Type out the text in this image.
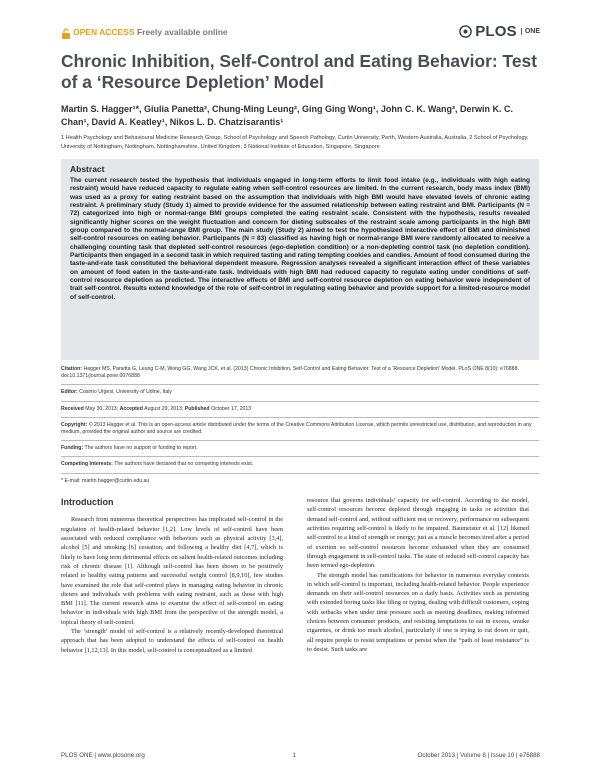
OPEN ACCESS Freely available online	PLOS	ONE
Chronic Inhibition, Self-Control and Eating Behavior: Test of a ‘Resource Depletion’ Model
Martin S. Hagger¹*, Giulia Panetta², Chung-Ming Leung², Ging Ging Wong¹, John C. K. Wang³, Derwin K. C. Chan¹, David A. Keatley¹, Nikos L. D. Chatzisarantis¹
1 Health Psychology and Behavioural Medicine Research Group, School of Psychology and Speech Pathology, Curtin University, Perth, Western Australia, Australia, 2 School of Psychology, University of Nottingham, Nottingham, Nottinghamshire, United Kingdom, 3 National Institute of Education, Singapore, Singapore
Abstract
The current research tested the hypothesis that individuals engaged in long-term efforts to limit food intake (e.g., individuals with high eating restraint) would have reduced capacity to regulate eating when self-control resources are limited. In the current research, body mass index (BMI) was used as a proxy for eating restraint based on the assumption that individuals with high BMI would have elevated levels of chronic eating restraint. A preliminary study (Study 1) aimed to provide evidence for the assumed relationship between eating restraint and BMI. Participants (N = 72) categorized into high or normal-range BMI groups completed the eating restraint scale. Consistent with the hypothesis, results revealed significantly higher scores on the weight fluctuation and concern for dieting subscales of the restraint scale among participants in the high BMI group compared to the normal-range BMI group. The main study (Study 2) aimed to test the hypothesized interactive effect of BMI and diminished self-control resources on eating behavior. Participants (N = 83) classified as having high or normal-range BMI were randomly allocated to receive a challenging counting task that depleted self-control resources (ego-depletion condition) or a non-depleting control task (no depletion condition). Participants then engaged in a second task in which required tasting and rating tempting cookies and candies. Amount of food consumed during the taste-and-rate task constituted the behavioral dependent measure. Regression analyses revealed a significant interaction effect of these variables on amount of food eaten in the taste-and-rate task. Individuals with high BMI had reduced capacity to regulate eating under conditions of self-control resource depletion as predicted. The interactive effects of BMI and self-control resource depletion on eating behavior were independent of trait self-control. Results extend knowledge of the role of self-control in regulating eating behavior and provide support for a limited-resource model of self-control.
Citation: Hagger MS, Panetta G, Leung C-M, Wong GG, Wang JCK, et al. (2013) Chronic Inhibition, Self-Control and Eating Behavior: Test of a ‘Resource Depletion’ Model. PLoS ONE 8(10): e76888. doi:10.1371/journal.pone.0076888
Editor: Cosimo Urgesi, University of Udine, Italy
Received May 30, 2013; Accepted August 29, 2013; Published October 17, 2013
Copyright: © 2013 Hagger et al. This is an open-access article distributed under the terms of the Creative Commons Attribution License, which permits unrestricted use, distribution, and reproduction in any medium, provided the original author and source are credited.
Funding: The authors have no support or funding to report.
Competing Interests: The authors have declared that no competing interests exist.
* E-mail: martin.hagger@curtin.edu.au
Introduction

Research from numerous theoretical perspectives has implicated self-control in the regulation of health-related behavior [1,2]. Low levels of self-control have been associated with reduced compliance with behaviors such as physical activity [3,4], alcohol [5] and smoking [6] cessation, and following a healthy diet [4,7], which is likely to have long term detrimental effects on salient health-related outcomes including risk of chronic disease [1]. Although self-control has been shown to be positively related to healthy eating patterns and successful weight control [8,9,10], few studies have examined the role that self-control plays in managing eating behavior in chronic dieters and individuals with problems with eating restraint, such as those with high BMI [11]. The current research aims to examine the effect of self-control on eating behavior in individuals with high BMI from the perspective of the strength model, a topical theory of self-control.

The ‘strength’ model of self-control is a relatively recently-developed theoretical approach that has been adopted to understand the effects of self-control on health behavior [1,12,13]. In this model, self-control is conceptualized as a limited

resource that governs individuals’ capacity for self-control. According to the model, self-control resources become depleted through engaging in tasks or activities that demand self-control and, without sufficient rest or recovery, performance on subsequent activities requiring self-control is likely to be impaired. Baumeister et al. [12] likened self-control to a kind of strength or energy; just as a muscle becomes tired after a period of exertion so self-control resources become exhausted when they are consumed through engagement in self-control tasks. The state of reduced self-control capacity has been termed ego-depletion.

The strength model has ramifications for behavior in numerous everyday contexts in which self-control is important, including health-related behavior. People experience demands on their self-control resources on a daily basis. Activities such as persisting with extended boring tasks like filing or typing, dealing with difficult customers, coping with setbacks when under time pressure such as meeting deadlines, making informed choices between consumer products, and resisting temptations to eat in excess, smoke cigarettes, or drink too much alcohol, particularly if one is trying to cut down or quit, all require people to resist temptations or persist when the “path of least resistance” is to desist. Such tasks are

PLOS ONE | www.plosone.org	1	October 2013 | Volume 8 | Issue 10 | e76888
